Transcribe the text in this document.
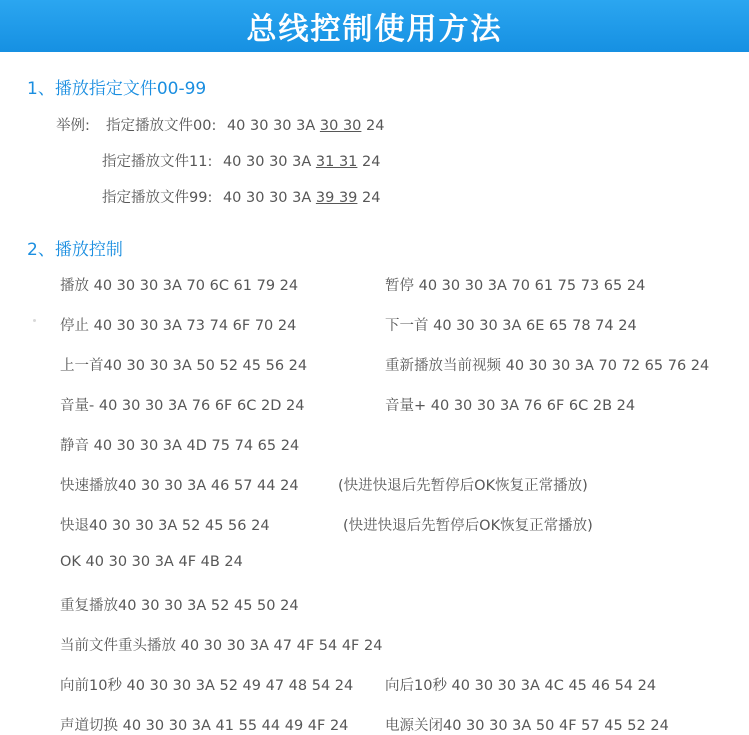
总线控制使用方法
1、播放指定文件00-99
举例: 指定播放文件00: 40 30 30 3A 30 30 24
指定播放文件11: 40 30 30 3A 31 31 24
指定播放文件99: 40 30 30 3A 39 39 24
2、播放控制
播放 40 30 30 3A 70 6C 61 79 24	暂停 40 30 30 3A 70 61 75 73 65 24
停止 40 30 30 3A 73 74 6F 70 24	下一首 40 30 30 3A 6E 65 78 74 24
上一首40 30 30 3A 50 52 45 56 24	重新播放当前视频 40 30 30 3A 70 72 65 76 24
音量- 40 30 30 3A 76 6F 6C 2D 24	音量+ 40 30 30 3A 76 6F 6C 2B 24
静音 40 30 30 3A 4D 75 74 65 24
快速播放40 30 30 3A 46 57 44 24	(快进快退后先暂停后OK恢复正常播放)
快退40 30 30 3A 52 45 56 24	(快进快退后先暂停后OK恢复正常播放)
OK 40 30 30 3A 4F 4B 24
重复播放40 30 30 3A 52 45 50 24
当前文件重头播放 40 30 30 3A 47 4F 54 4F 24
向前10秒 40 30 30 3A 52 49 47 48 54 24 向后10秒 40 30 30 3A 4C 45 46 54 24
声道切换 40 30 30 3A 41 55 44 49 4F 24	电源关闭40 30 30 3A 50 4F 57 45 52 24
